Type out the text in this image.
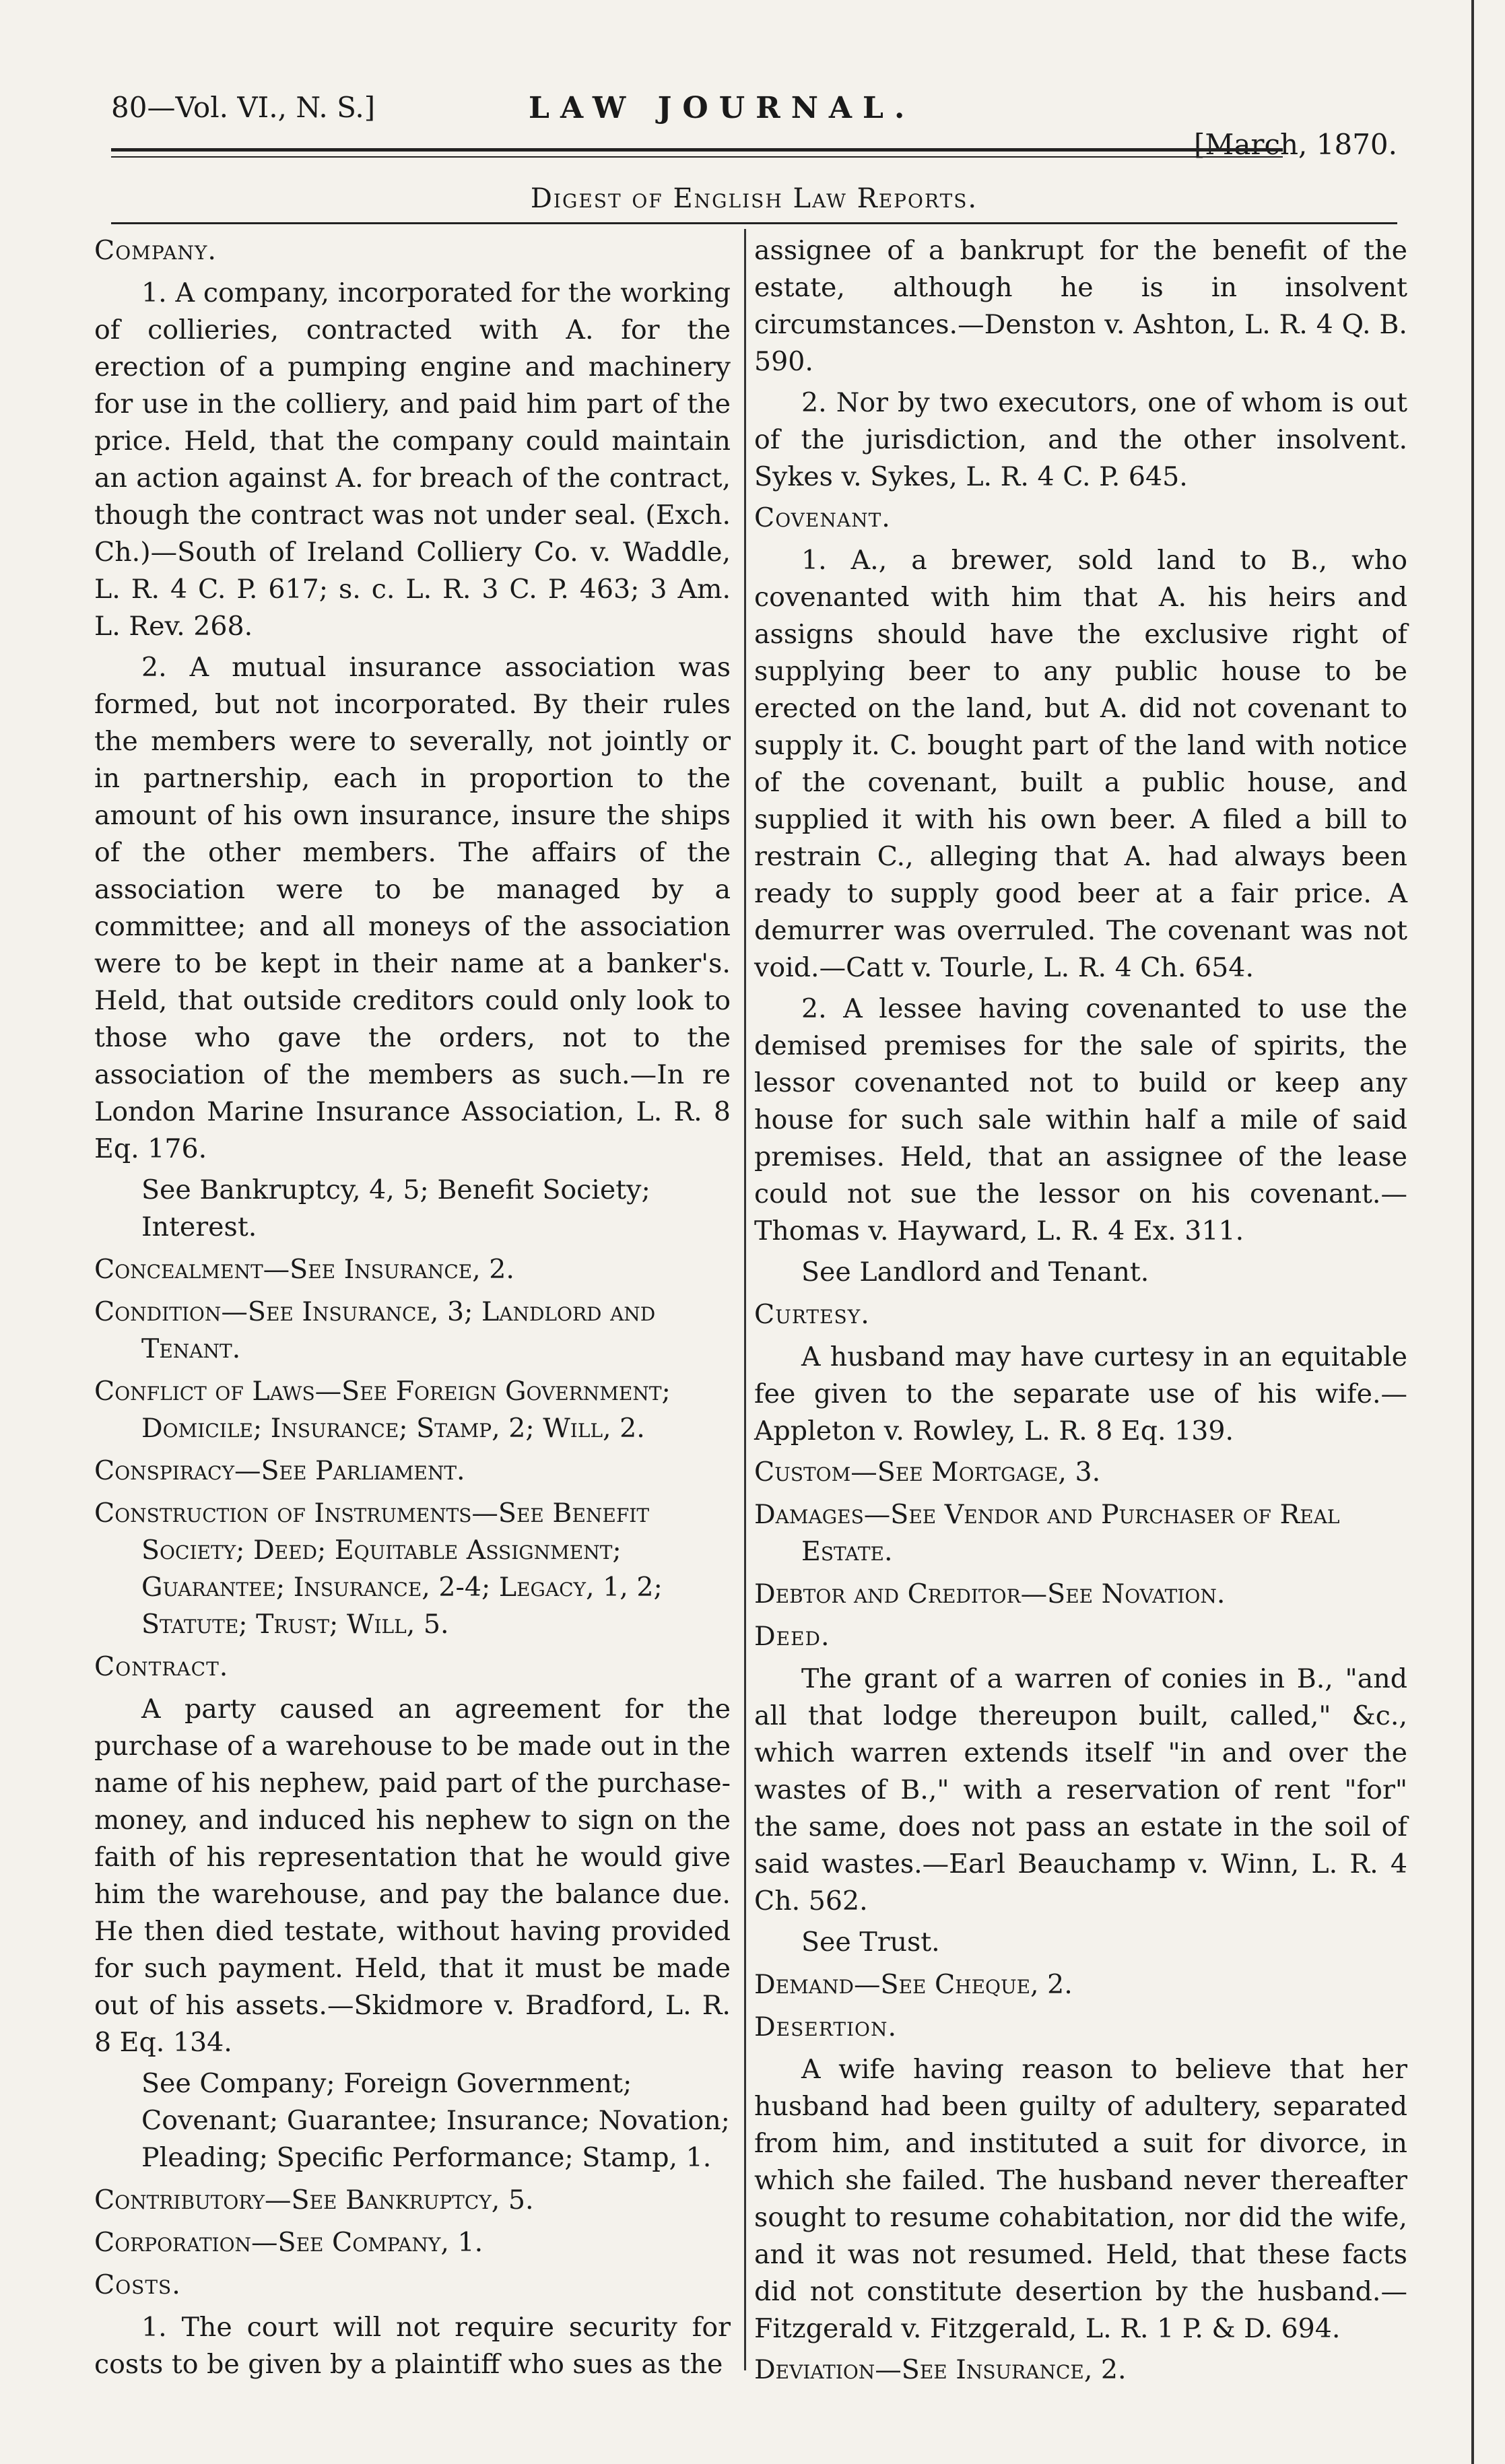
80—Vol. VI., N. S.]	LAW JOURNAL.
[March, 1870.
Digest of English Law Reports.
Company.
1. A company, incorporated for the working of collieries, contracted with A. for the erection of a pumping engine and machinery for use in the colliery, and paid him part of the price. Held, that the company could maintain an action against A. for breach of the contract, though the contract was not under seal. (Exch. Ch.)—South of Ireland Colliery Co. v. Waddle, L. R. 4 C. P. 617; s. c. L. R. 3 C. P. 463; 3 Am. L. Rev. 268.
2. A mutual insurance association was formed, but not incorporated. By their rules the members were to severally, not jointly or in partnership, each in proportion to the amount of his own insurance, insure the ships of the other members. The affairs of the association were to be managed by a committee; and all moneys of the association were to be kept in their name at a banker's. Held, that outside creditors could only look to those who gave the orders, not to the association of the members as such.—In re London Marine Insurance Association, L. R. 8 Eq. 176.
See Bankruptcy, 4, 5; Benefit Society; Interest.
Concealment—See Insurance, 2.
Condition—See Insurance, 3; Landlord and Tenant.
Conflict of Laws—See Foreign Government; Domicile; Insurance; Stamp, 2; Will, 2.
Conspiracy—See Parliament.
Construction of Instruments—See Benefit Society; Deed; Equitable Assignment; Guarantee; Insurance, 2-4; Legacy, 1, 2; Statute; Trust; Will, 5.
Contract.
A party caused an agreement for the purchase of a warehouse to be made out in the name of his nephew, paid part of the purchase-money, and induced his nephew to sign on the faith of his representation that he would give him the warehouse, and pay the balance due. He then died testate, without having provided for such payment. Held, that it must be made out of his assets.—Skidmore v. Bradford, L. R. 8 Eq. 134.
See Company; Foreign Government; Covenant; Guarantee; Insurance; Novation; Pleading; Specific Performance; Stamp, 1.
Contributory—See Bankruptcy, 5.
Corporation—See Company, 1.
Costs.
1. The court will not require security for costs to be given by a plaintiff who sues as the
assignee of a bankrupt for the benefit of the estate, although he is in insolvent circumstances.—Denston v. Ashton, L. R. 4 Q. B. 590.
2. Nor by two executors, one of whom is out of the jurisdiction, and the other insolvent. Sykes v. Sykes, L. R. 4 C. P. 645.
Covenant.
1. A., a brewer, sold land to B., who covenanted with him that A. his heirs and assigns should have the exclusive right of supplying beer to any public house to be erected on the land, but A. did not covenant to supply it. C. bought part of the land with notice of the covenant, built a public house, and supplied it with his own beer. A filed a bill to restrain C., alleging that A. had always been ready to supply good beer at a fair price. A demurrer was overruled. The covenant was not void.—Catt v. Tourle, L. R. 4 Ch. 654.
2. A lessee having covenanted to use the demised premises for the sale of spirits, the lessor covenanted not to build or keep any house for such sale within half a mile of said premises. Held, that an assignee of the lease could not sue the lessor on his covenant.—Thomas v. Hayward, L. R. 4 Ex. 311.
See Landlord and Tenant.
Curtesy.
A husband may have curtesy in an equitable fee given to the separate use of his wife.—Appleton v. Rowley, L. R. 8 Eq. 139.
Custom—See Mortgage, 3.
Damages—See Vendor and Purchaser of Real Estate.
Debtor and Creditor—See Novation.
Deed.
The grant of a warren of conies in B., "and all that lodge thereupon built, called," &c., which warren extends itself "in and over the wastes of B.," with a reservation of rent "for" the same, does not pass an estate in the soil of said wastes.—Earl Beauchamp v. Winn, L. R. 4 Ch. 562.
See Trust.
Demand—See Cheque, 2.
Desertion.
A wife having reason to believe that her husband had been guilty of adultery, separated from him, and instituted a suit for divorce, in which she failed. The husband never thereafter sought to resume cohabitation, nor did the wife, and it was not resumed. Held, that these facts did not constitute desertion by the husband.—Fitzgerald v. Fitzgerald, L. R. 1 P. & D. 694.
Deviation—See Insurance, 2.
